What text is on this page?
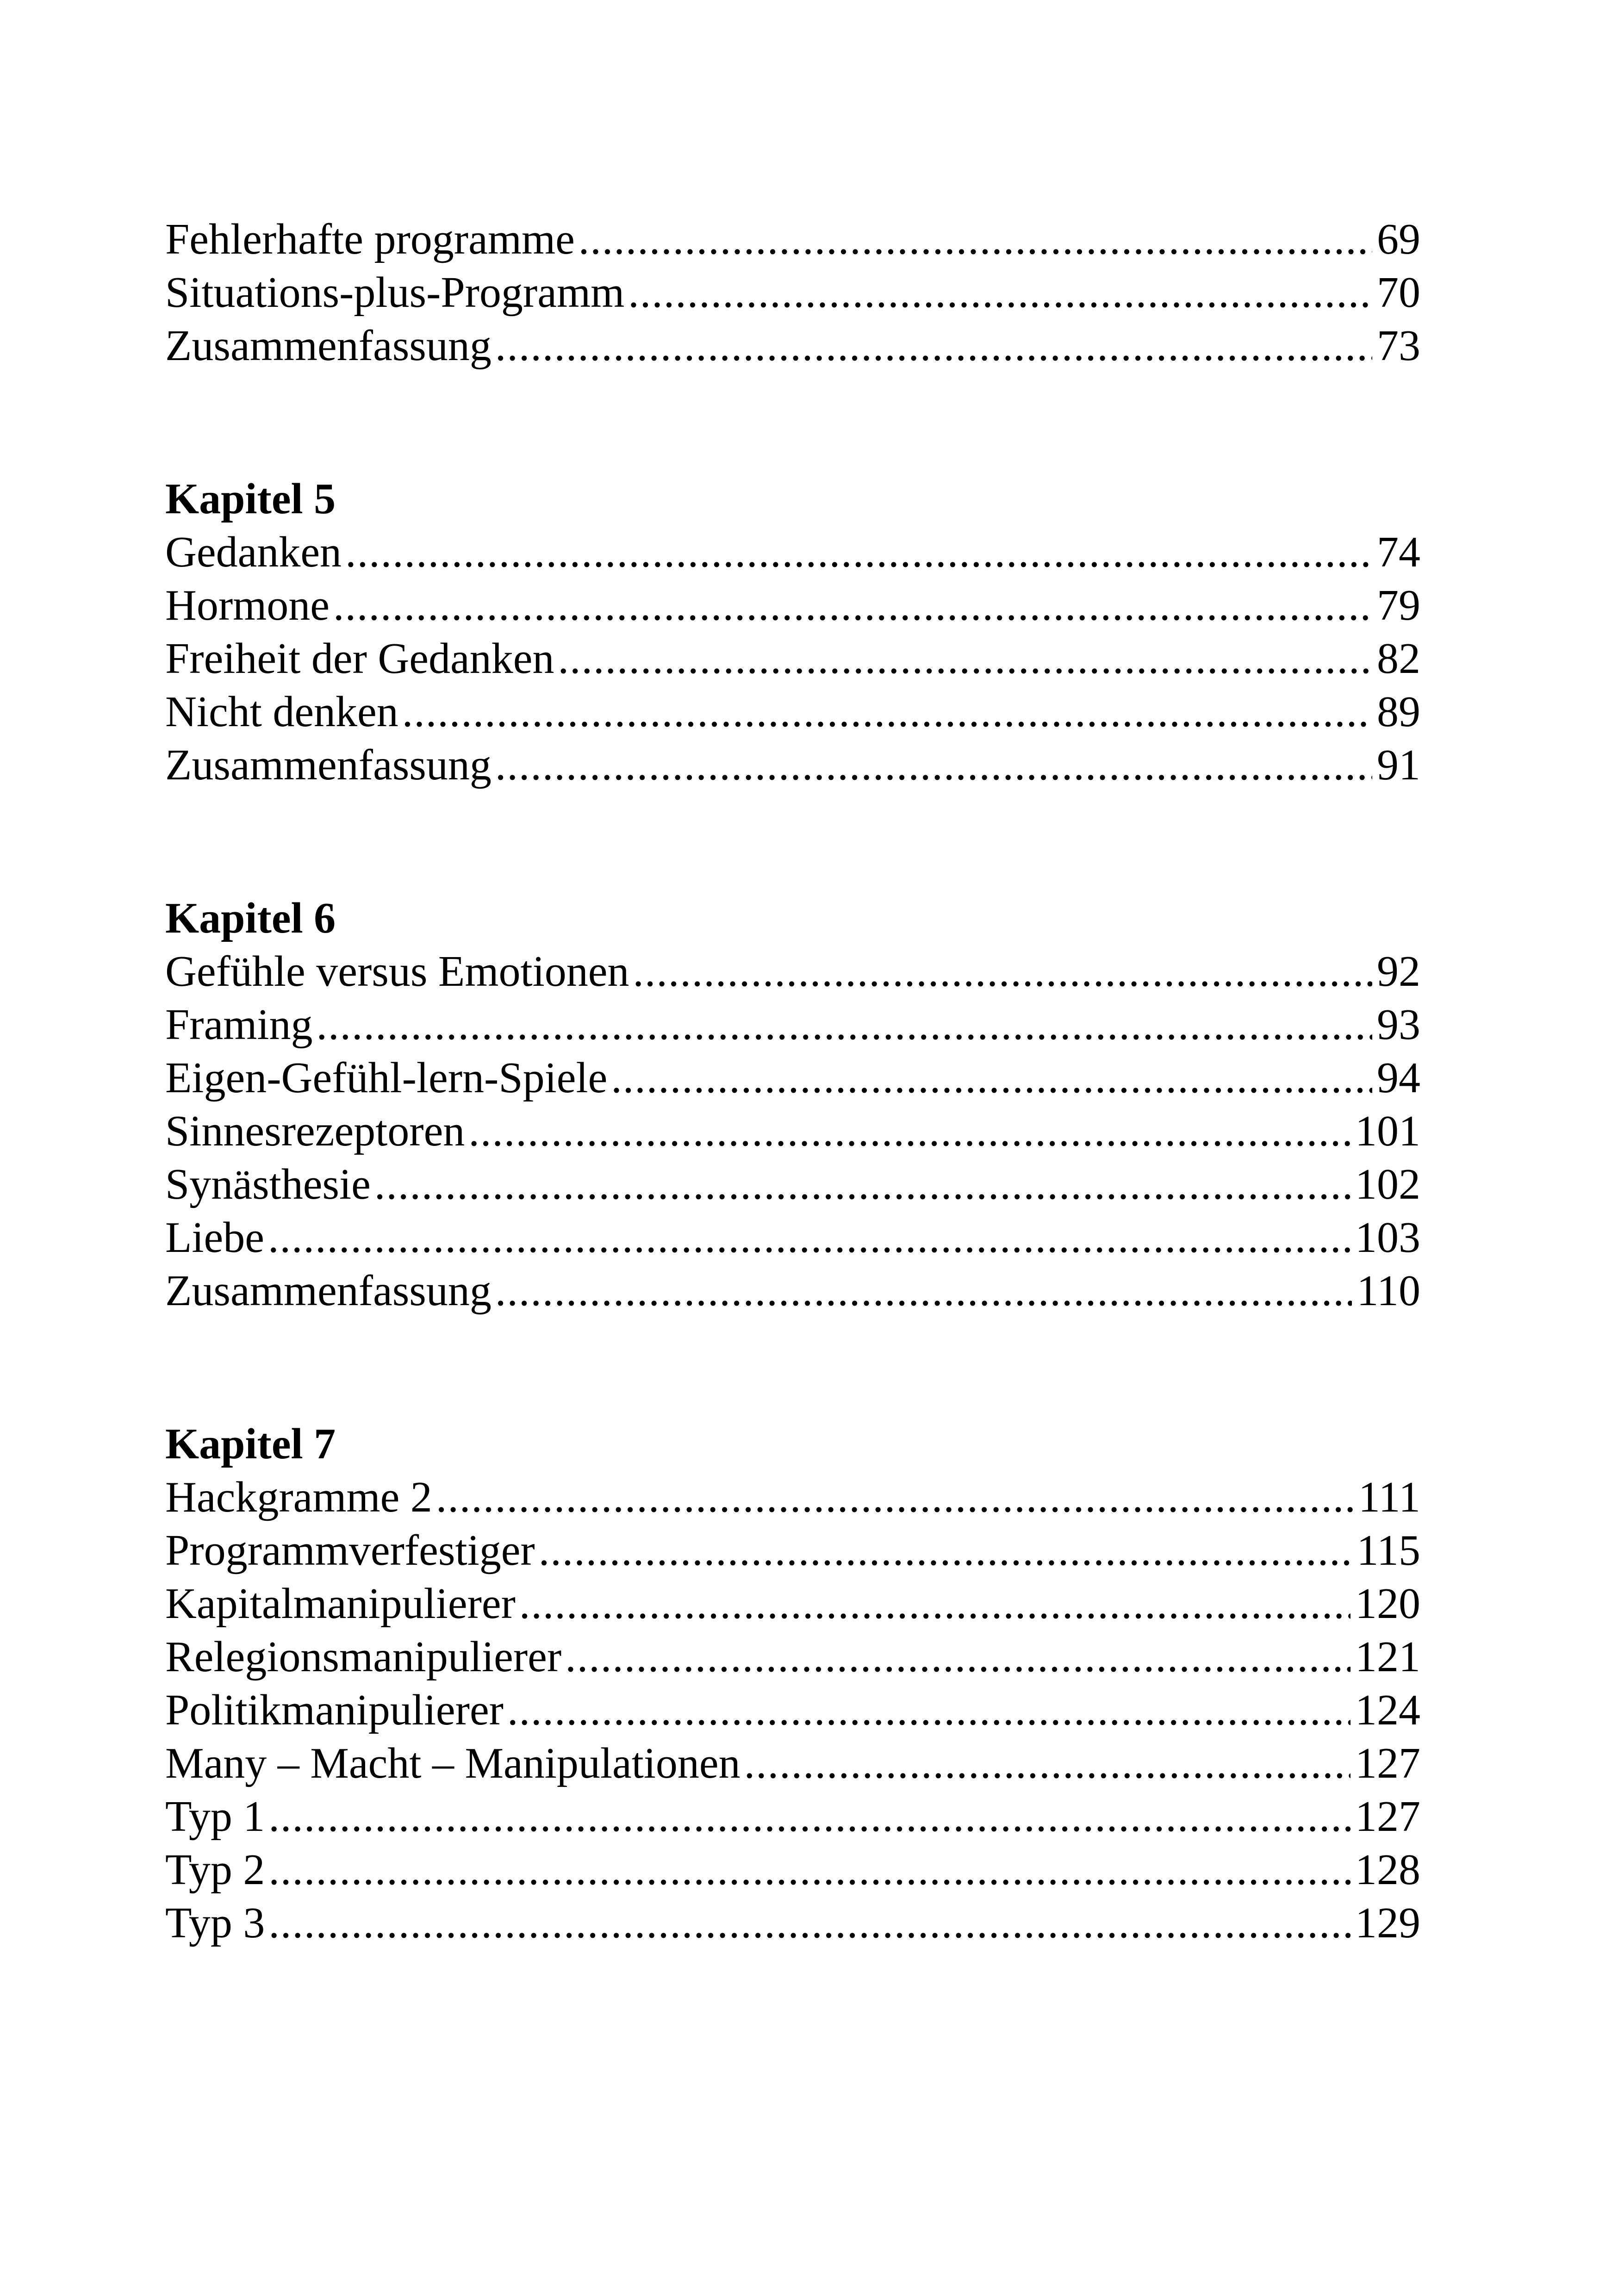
Fehlerhafte programme .....	69
Situations-plus-Programm .....	70
Zusammenfassung .....	73
Kapitel 5
Gedanken .....	74
Hormone .....	79
Freiheit der Gedanken .....	82
Nicht denken .....	89
Zusammenfassung .....	91
Kapitel 6
Gefühle versus Emotionen .....	92
Framing .....	93
Eigen-Gefühl-lern-Spiele .....	94
Sinnesrezeptoren .....	101
Synästhesie .....	102
Liebe .....	103
Zusammenfassung .....	110
Kapitel 7
Hackgramme 2 .....	111
Programmverfestiger .....	115
Kapitalmanipulierer .....	120
Relegionsmanipulierer .....	121
Politikmanipulierer .....	124
Many – Macht – Manipulationen .....	127
Typ 1 .....	127
Typ 2 .....	128
Typ 3 .....	129
